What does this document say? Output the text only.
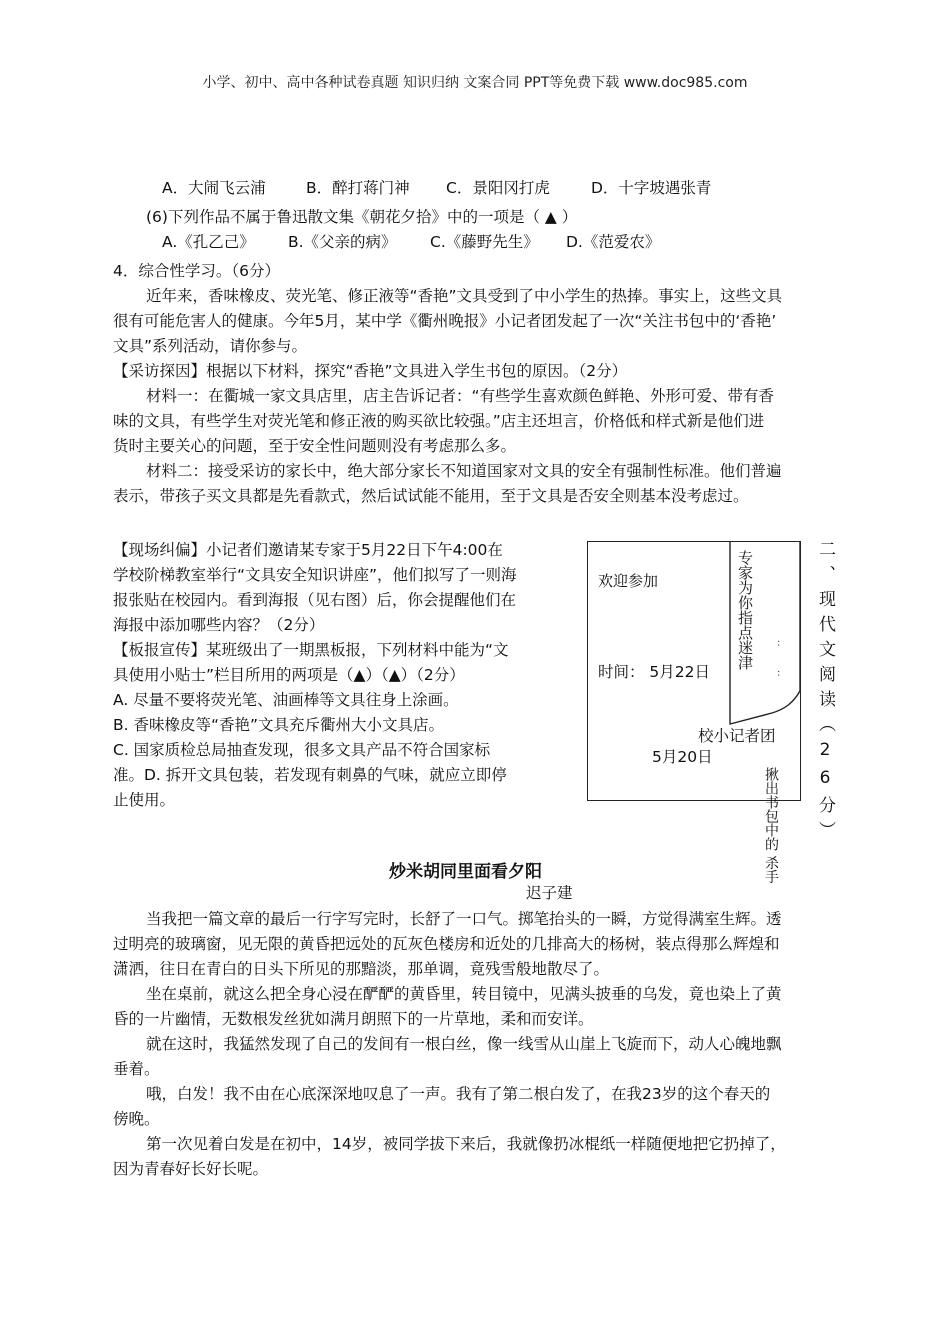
小学、初中、高中各种试卷真题 知识归纳 文案合同 PPT等免费下载 www.doc985.com
A．大闹飞云浦	B．醉打蒋门神 C．景阳冈打虎	D．十字坡遇张青
(6)下列作品不属于鲁迅散文集《朝花夕拾》中的一项是（ ▲ ）
A.《孔乙己》 B.《父亲的病》 C.《藤野先生》 D.《范爱农》
4．综合性学习。（6分）
近年来，香味橡皮、荧光笔、修正液等“香艳”文具受到了中小学生的热捧。事实上，这些文具
很有可能危害人的健康。今年5月，某中学《衢州晚报》小记者团发起了一次“关注书包中的‘香艳’
文具”系列活动，请你参与。
【采访探因】根据以下材料，探究“香艳”文具进入学生书包的原因。（2分）
材料一：在衢城一家文具店里，店主告诉记者：“有些学生喜欢颜色鲜艳、外形可爱、带有香
味的文具，有些学生对荧光笔和修正液的购买欲比较强。”店主还坦言，价格低和样式新是他们进
货时主要关心的问题，至于安全性问题则没有考虑那么多。
材料二：接受采访的家长中，绝大部分家长不知道国家对文具的安全有强制性标准。他们普遍
表示，带孩子买文具都是先看款式，然后试试能不能用，至于文具是否安全则基本没考虑过。
【现场纠偏】小记者们邀请某专家于5月22日下午4:00在
学校阶梯教室举行“文具安全知识讲座”，他们拟写了一则海
报张贴在校园内。看到海报（见右图）后，你会提醒他们在
海报中添加哪些内容？（2分）
【板报宣传】某班级出了一期黑板报，下列材料中能为“文
具使用小贴士”栏目所用的两项是（▲）（▲）（2分）
A. 尽量不要将荧光笔、油画棒等文具往身上涂画。
B. 香味橡皮等“香艳”文具充斥衢州大小文具店。
C. 国家质检总局抽查发现，很多文具产品不符合国家标
准。D. 拆开文具包装，若发现有刺鼻的气味，就应立即停
止使用。
欢迎参加
时间： 5月22日
校小记者团
5月20日
专家为你指点迷津	：
：
揪出书包中的 杀手 二、现代文阅读（26分）
炒米胡同里面看夕阳
迟子建
当我把一篇文章的最后一行字写完时，长舒了一口气。掷笔抬头的一瞬，方觉得满室生辉。透
过明亮的玻璃窗，见无限的黄昏把远处的瓦灰色楼房和近处的几排高大的杨树，装点得那么辉煌和
潇洒，往日在青白的日头下所见的那黯淡，那单调，竟残雪般地散尽了。
坐在桌前，就这么把全身心浸在酽酽的黄昏里，转目镜中，见满头披垂的乌发，竟也染上了黄
昏的一片幽情，无数根发丝犹如满月朗照下的一片草地，柔和而安详。
就在这时，我猛然发现了自己的发间有一根白丝，像一线雪从山崖上飞旋而下，动人心魄地飘
垂着。
哦，白发！我不由在心底深深地叹息了一声。我有了第二根白发了，在我23岁的这个春天的
傍晚。
第一次见着白发是在初中，14岁，被同学拔下来后，我就像扔冰棍纸一样随便地把它扔掉了，
因为青春好长好长呢。
